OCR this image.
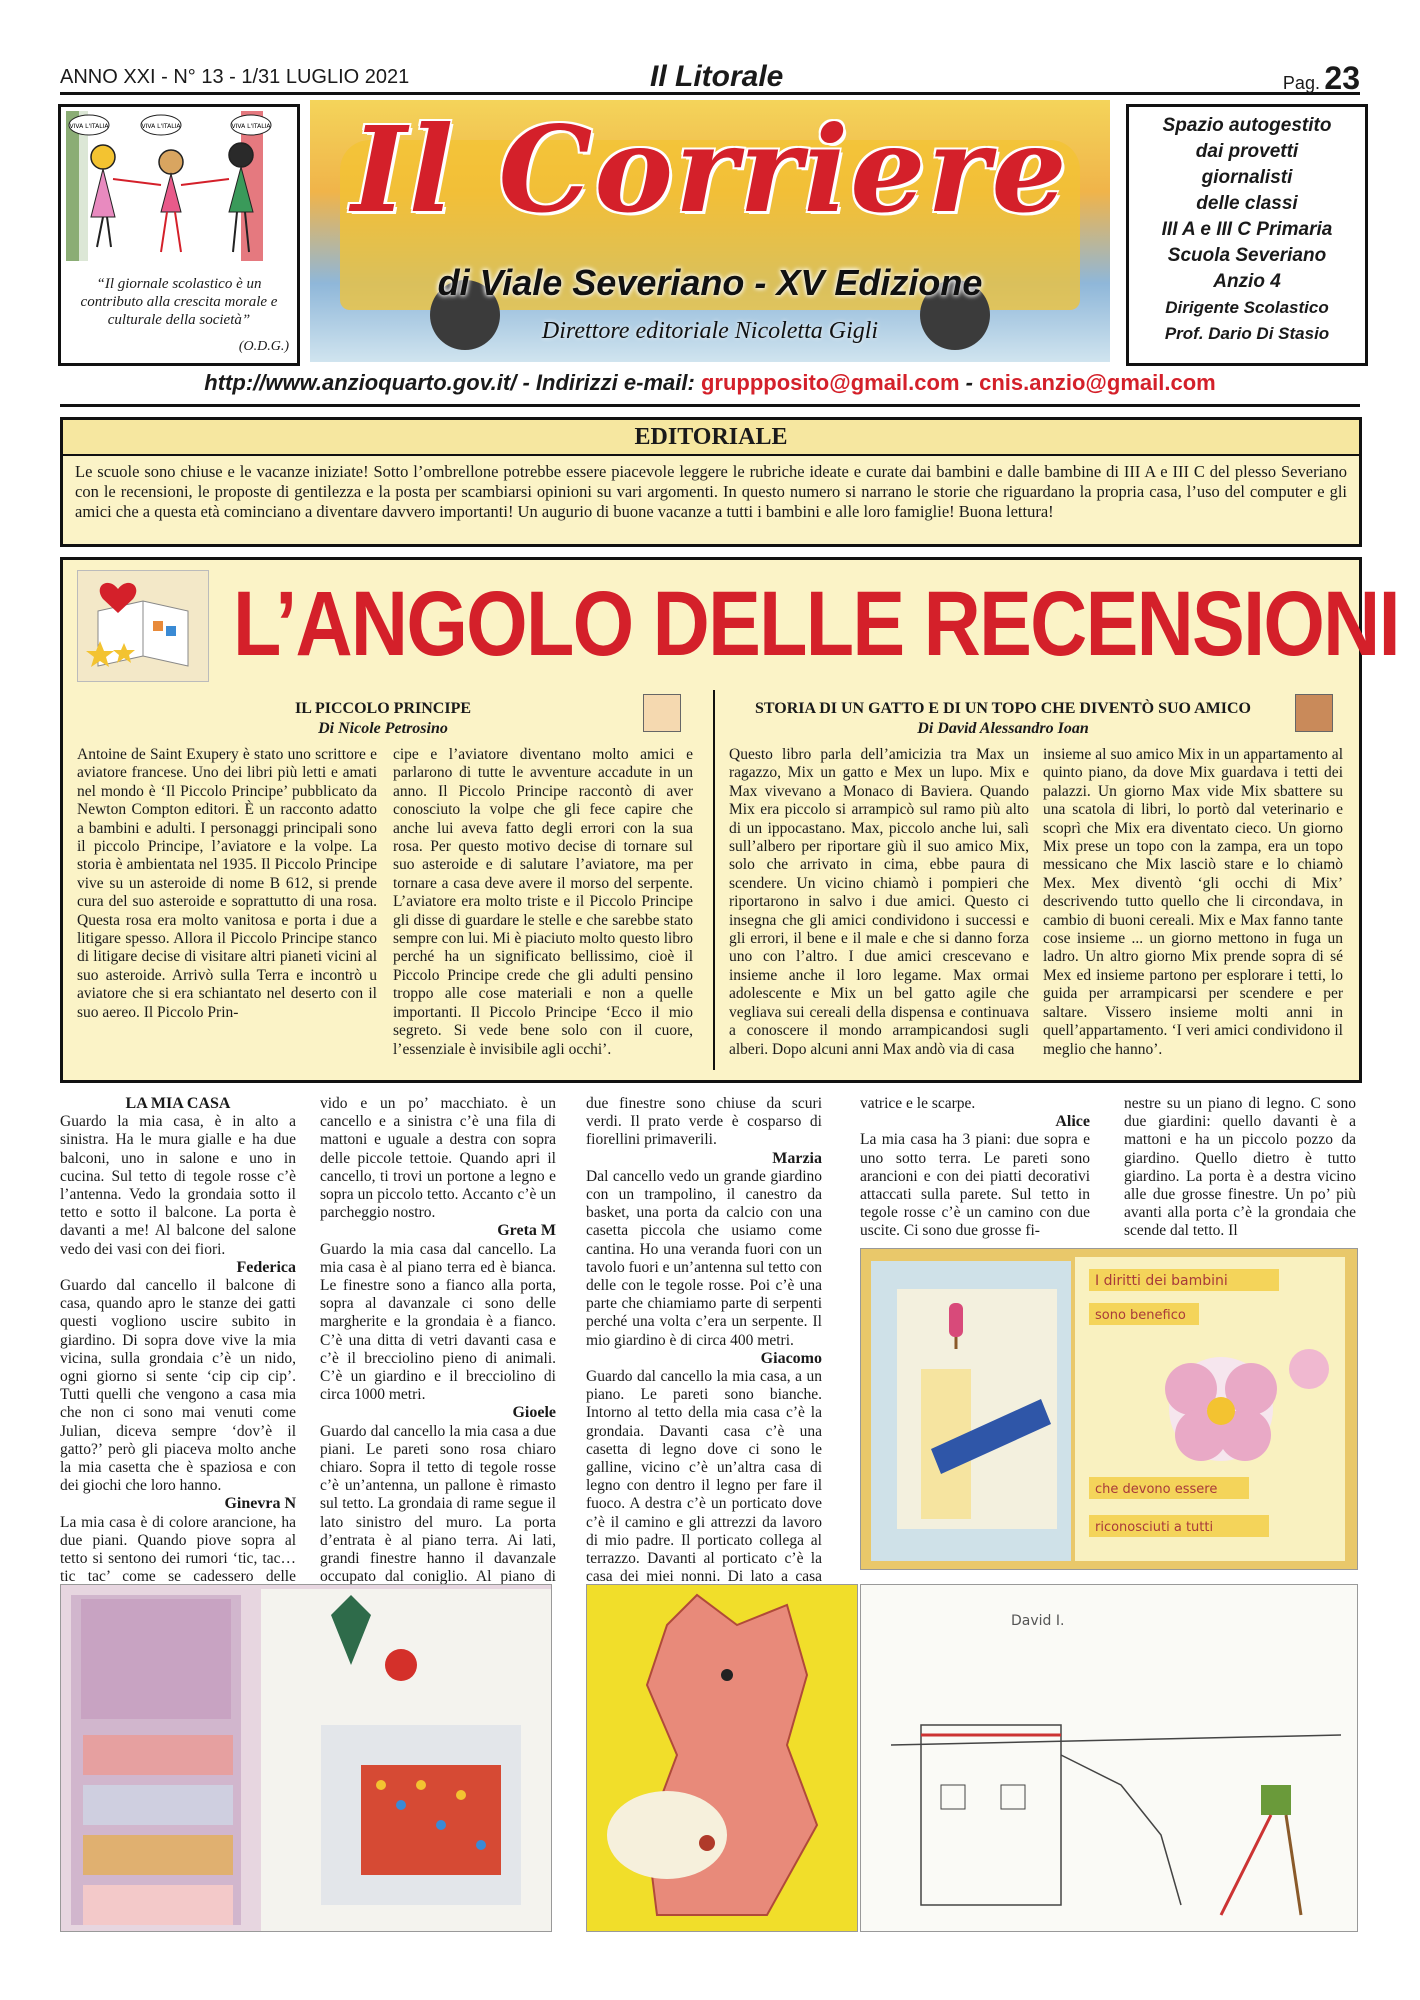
ANNO XXI - N° 13 - 1/31 LUGLIO 2021	Il Litorale	Pag. 23
VIVA L'ITALIA	VIVA L'ITALIA	VIVA L'ITALIA
“Il giornale scolastico è un contributo alla crescita morale e culturale della società”
(O.D.G.)
Il Corriere
di Viale Severiano - XV Edizione
Direttore editoriale Nicoletta Gigli
Spazio autogestito
dai provetti
giornalisti
delle classi
III A e III C Primaria
Scuola Severiano
Anzio 4
Dirigente Scolastico
Prof. Dario Di Stasio
http://www.anzioquarto.gov.it/ - Indirizzi e-mail: gruppposito@gmail.com - cnis.anzio@gmail.com
EDITORIALE
Le scuole sono chiuse e le vacanze iniziate! Sotto l’ombrellone potrebbe essere piacevole leggere le rubriche ideate e curate dai bambini e dalle bambine di III A e III C del plesso Severiano con le recensioni, le proposte di gentilezza e la posta per scambiarsi opinioni su vari argomenti. In questo numero si narrano le storie che riguardano la propria casa, l’uso del computer e gli amici che a questa età cominciano a diventare davvero importanti! Un augurio di buone vacanze a tutti i bambini e alle loro famiglie! Buona lettura!
L’ANGOLO DELLE RECENSIONI
IL PICCOLO PRINCIPE
Di Nicole Petrosino
Antoine de Saint Exupery è stato uno scrittore e aviatore francese. Uno dei libri più letti e amati nel mondo è ‘Il Piccolo Principe’ pubblicato da Newton Compton editori. È un racconto adatto a bambini e adulti. I personaggi principali sono il piccolo Principe, l’aviatore e la volpe. La storia è ambientata nel 1935. Il Piccolo Principe vive su un asteroide di nome B 612, si prende cura del suo asteroide e soprattutto di una rosa. Questa rosa era molto vanitosa e porta i due a litigare spesso. Allora il Piccolo Principe stanco di litigare decise di visitare altri pianeti vicini al suo asteroide. Arrivò sulla Terra e incontrò u aviatore che si era schiantato nel deserto con il suo aereo. Il Piccolo Prin-
cipe e l’aviatore diventano molto amici e parlarono di tutte le avventure accadute in un anno. Il Piccolo Principe raccontò di aver conosciuto la volpe che gli fece capire che anche lui aveva fatto degli errori con la sua rosa. Per questo motivo decise di tornare sul suo asteroide e di salutare l’aviatore, ma per tornare a casa deve avere il morso del serpente. L’aviatore era molto triste e il Piccolo Principe gli disse di guardare le stelle e che sarebbe stato sempre con lui. Mi è piaciuto molto questo libro perché ha un significato bellissimo, cioè il Piccolo Principe crede che gli adulti pensino troppo alle cose materiali e non a quelle importanti. Il Piccolo Principe ‘Ecco il mio segreto. Si vede bene solo con il cuore, l’essenziale è invisibile agli occhi’.
STORIA DI UN GATTO E DI UN TOPO CHE DIVENTÒ SUO AMICO
Di David Alessandro Ioan
Questo libro parla dell’amicizia tra Max un ragazzo, Mix un gatto e Mex un lupo. Mix e Max vivevano a Monaco di Baviera. Quando Mix era piccolo si arrampicò sul ramo più alto di un ippocastano. Max, piccolo anche lui, salì sull’albero per riportare giù il suo amico Mix, solo che arrivato in cima, ebbe paura di scendere. Un vicino chiamò i pompieri che riportarono in salvo i due amici. Questo ci insegna che gli amici condividono i successi e gli errori, il bene e il male e che si danno forza uno con l’altro. I due amici crescevano e insieme anche il loro legame. Max ormai adolescente e Mix un bel gatto agile che vegliava sui cereali della dispensa e continuava a conoscere il mondo arrampicandosi sugli alberi. Dopo alcuni anni Max andò via di casa
insieme al suo amico Mix in un appartamento al quinto piano, da dove Mix guardava i tetti dei palazzi. Un giorno Max vide Mix sbattere su una scatola di libri, lo portò dal veterinario e scoprì che Mix era diventato cieco. Un giorno Mix prese un topo con la zampa, era un topo messicano che Mix lasciò stare e lo chiamò Mex. Mex diventò ‘gli occhi di Mix’ descrivendo tutto quello che li circondava, in cambio di buoni cereali. Mix e Max fanno tante cose insieme ... un giorno mettono in fuga un ladro. Un altro giorno Mix prende sopra di sé Mex ed insieme partono per esplorare i tetti, lo guida per arrampicarsi per scendere e per saltare. Vissero insieme molti anni in quell’appartamento. ‘I veri amici condividono il meglio che hanno’.
LA MIA CASA

Guardo la mia casa, è in alto a sinistra. Ha le mura gialle e ha due balconi, uno in salone e uno in cucina. Sul tetto di tegole rosse c’è l’antenna. Vedo la grondaia sotto il tetto e sotto il balcone. La porta è davanti a me! Al balcone del salone vedo dei vasi con dei fiori.

Federica

Guardo dal cancello il balcone di casa, quando apro le stanze dei gatti questi vogliono uscire subito in giardino. Di sopra dove vive la mia vicina, sulla grondaia c’è un nido, ogni giorno si sente ‘cip cip cip’. Tutti quelli che vengono a casa mia che non ci sono mai venuti come Julian, diceva sempre ‘dov’è il gatto?’ però gli piaceva molto anche la mia casetta che è spaziosa e con dei giochi che loro hanno.

Ginevra N

La mia casa è di colore arancione, ha due piani. Quando piove sopra al tetto si sentono dei rumori ‘tic, tac… tic tac’ come se cadessero delle

vido e un po’ macchiato. è un cancello e a sinistra c’è una fila di mattoni e uguale a destra con sopra delle piccole tettoie. Quando apri il cancello, ti trovi un portone a legno e sopra un piccolo tetto. Accanto c’è un parcheggio nostro.

Greta M

Guardo la mia casa dal cancello. La mia casa è al piano terra ed è bianca. Le finestre sono a fianco alla porta, sopra al davanzale ci sono delle margherite e la grondaia è a fianco. C’è una ditta di vetri davanti casa e c’è il brecciolino pieno di animali. C’è un giardino e il brecciolino di circa 1000 metri.

Gioele

Guardo dal cancello la mia casa a due piani. Le pareti sono rosa chiaro chiaro. Sopra il tetto di tegole rosse c’è un’antenna, un pallone è rimasto sul tetto. La grondaia di rame segue il lato sinistro del muro. La porta d’entrata è al piano terra. Ai lati, grandi finestre hanno il davanzale occupato dal coniglio. Al piano di

due finestre sono chiuse da scuri verdi. Il prato verde è cosparso di fiorellini primaverili.

Marzia

Dal cancello vedo un grande giardino con un trampolino, il canestro da basket, una porta da calcio con una casetta piccola che usiamo come cantina. Ho una veranda fuori con un tavolo fuori e un’antenna sul tetto con delle con le tegole rosse. Poi c’è una parte che chiamiamo parte di serpenti perché una volta c’era un serpente. Il mio giardino è di circa 400 metri.

Giacomo

Guardo dal cancello la mia casa, a un piano. Le pareti sono bianche. Intorno al tetto della mia casa c’è la grondaia. Davanti casa c’è una casetta di legno dove ci sono le galline, vicino c’è un’altra casa di legno con dentro il legno per fare il fuoco. A destra c’è un porticato dove c’è il camino e gli attrezzi da lavoro di mio padre. Il porticato collega al terrazzo. Davanti al porticato c’è la casa dei miei nonni. Di lato a casa

vatrice e le scarpe.

Alice

La mia casa ha 3 piani: due sopra e uno sotto terra. Le pareti sono arancioni e con dei piatti decorativi attaccati sulla parete. Sul tetto in tegole rosse c’è un camino con due uscite. Ci sono due grosse fi-

nestre su un piano di legno. C sono due giardini: quello davanti è a mattoni e ha un piccolo pozzo da giardino. Quello dietro è tutto giardino. La porta è a destra vicino alle due grosse finestre. Un po’ più avanti alla porta c’è la grondaia che scende dal tetto. Il

I diritti dei bambini
sono benefico
che devono essere
riconosciuti a tutti
David I.
